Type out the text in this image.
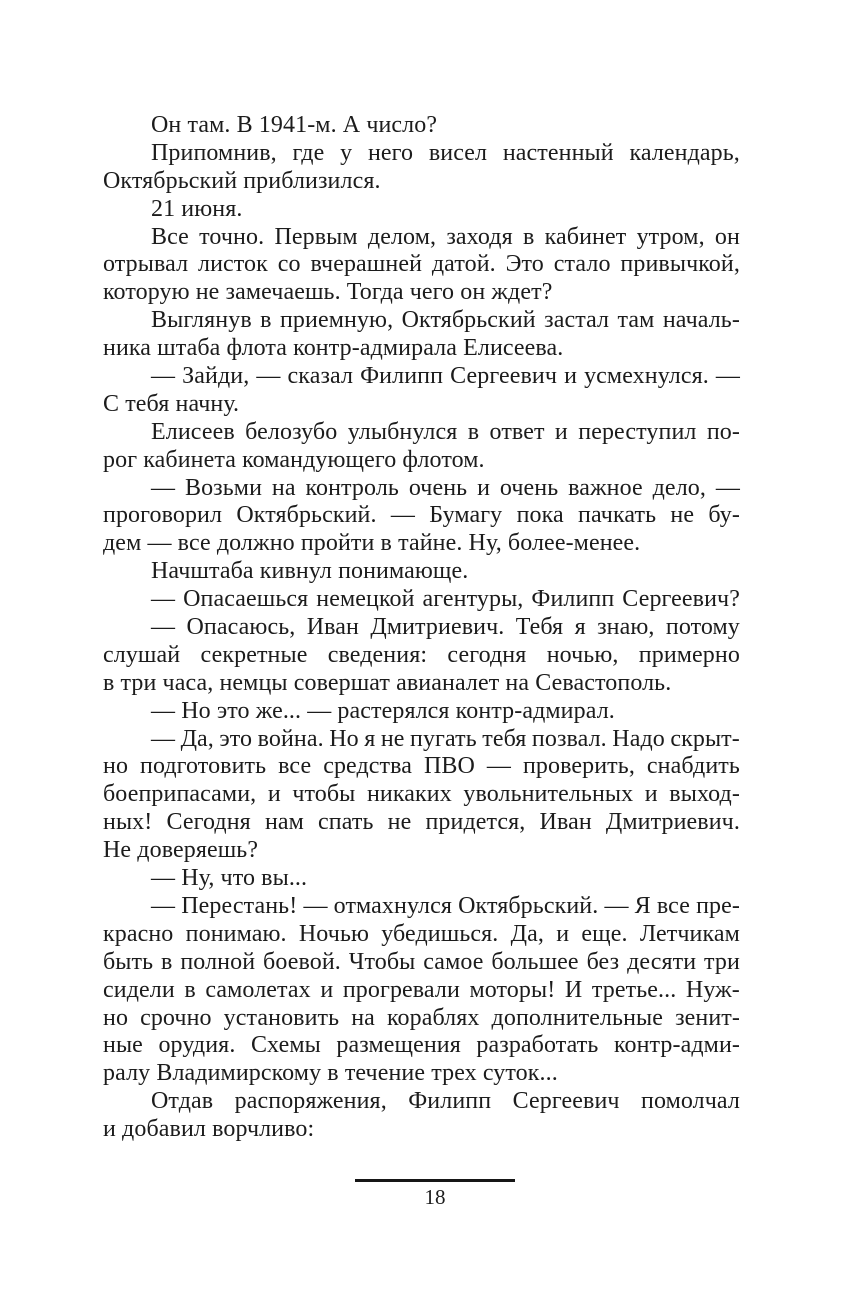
Он там. В 1941-м. А число?
Припомнив, где у него висел настенный календарь,
Октябрьский приблизился.
21 июня.
Все точно. Первым делом, заходя в кабинет утром, он
отрывал листок со вчерашней датой. Это стало привычкой,
которую не замечаешь. Тогда чего он ждет?
Выглянув в приемную, Октябрьский застал там началь-
ника штаба флота контр-адмирала Елисеева.
— Зайди, — сказал Филипп Сергеевич и усмехнулся. —
С тебя начну.
Елисеев белозубо улыбнулся в ответ и переступил по-
рог кабинета командующего флотом.
— Возьми на контроль очень и очень важное дело, —
проговорил Октябрьский. — Бумагу пока пачкать не бу-
дем — все должно пройти в тайне. Ну, более-менее.
Начштаба кивнул понимающе.
— Опасаешься немецкой агентуры, Филипп Сергеевич?
— Опасаюсь, Иван Дмитриевич. Тебя я знаю, потому
слушай секретные сведения: сегодня ночью, примерно
в три часа, немцы совершат авианалет на Севастополь.
— Но это же... — растерялся контр-адмирал.
— Да, это война. Но я не пугать тебя позвал. Надо скрыт-
но подготовить все средства ПВО — проверить, снабдить
боеприпасами, и чтобы никаких увольнительных и выход-
ных! Сегодня нам спать не придется, Иван Дмитриевич.
Не доверяешь?
— Ну, что вы...
— Перестань! — отмахнулся Октябрьский. — Я все пре-
красно понимаю. Ночью убедишься. Да, и еще. Летчикам
быть в полной боевой. Чтобы самое большее без десяти три
сидели в самолетах и прогревали моторы! И третье... Нуж-
но срочно установить на кораблях дополнительные зенит-
ные орудия. Схемы размещения разработать контр-адми-
ралу Владимирскому в течение трех суток...
Отдав распоряжения, Филипп Сергеевич помолчал
и добавил ворчливо:
18
